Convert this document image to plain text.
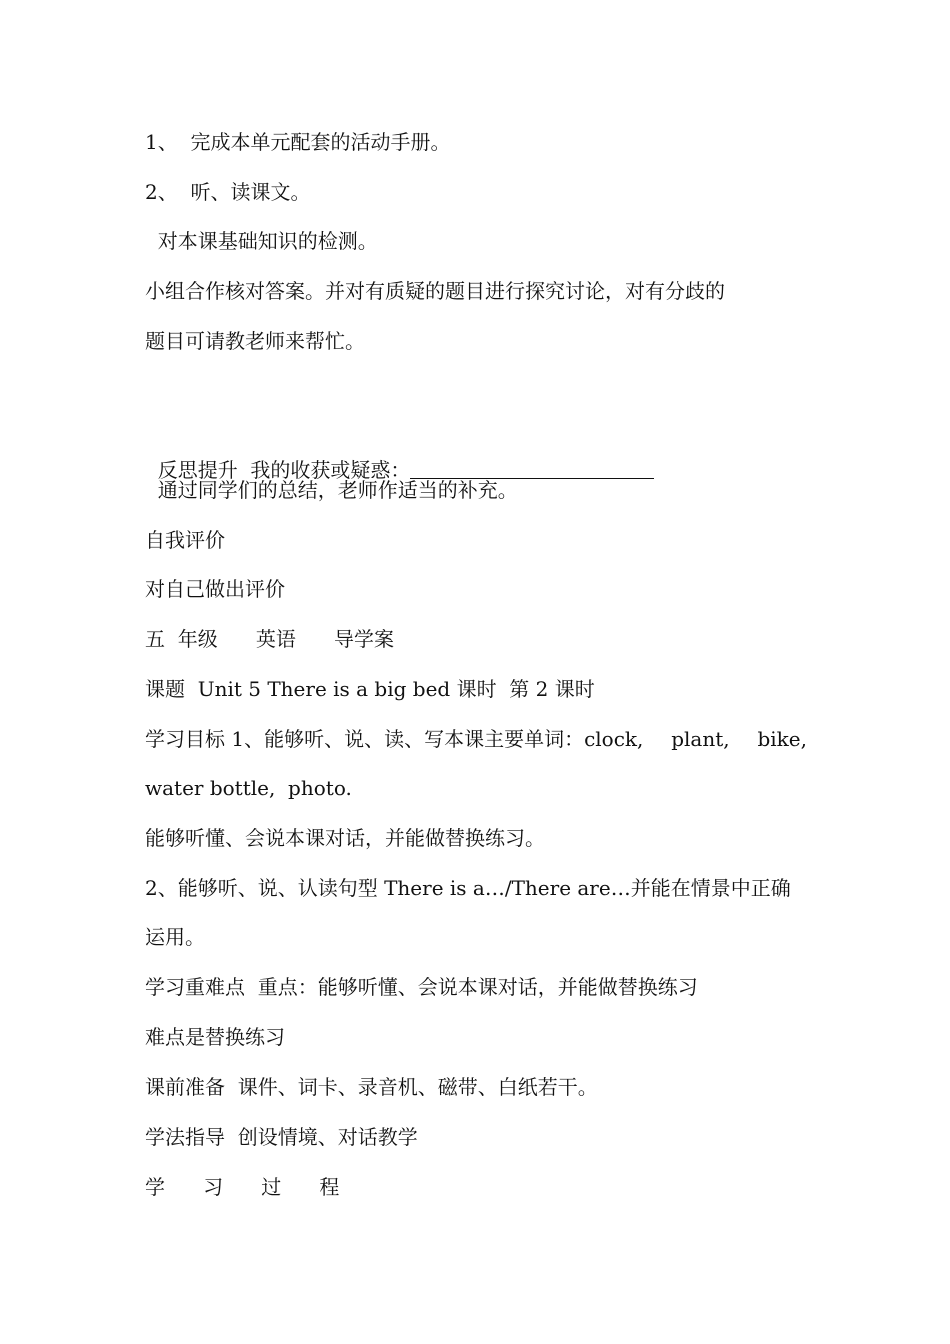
1、  完成本单元配套的活动手册。
2、  听、读课文。
对本课基础知识的检测。
小组合作核对答案。并对有质疑的题目进行探究讨论，对有分歧的
题目可请教老师来帮忙。

反思提升  我的收获或疑惑：

通过同学们的总结，老师作适当的补充。
自我评价
对自己做出评价
五  年级      英语      导学案
课题  Unit 5 There is a big bed 课时  第 2 课时
学习目标 1、能够听、说、读、写本课主要单词：clock, plant, bike,
water bottle,  photo.
能够听懂、会说本课对话，并能做替换练习。
2、能够听、说、认读句型 There is a…/There are…并能在情景中正确
运用。
学习重难点  重点：能够听懂、会说本课对话，并能做替换练习
难点是替换练习
课前准备  课件、词卡、录音机、磁带、白纸若干。
学法指导  创设情境、对话教学
学      习      过      程
